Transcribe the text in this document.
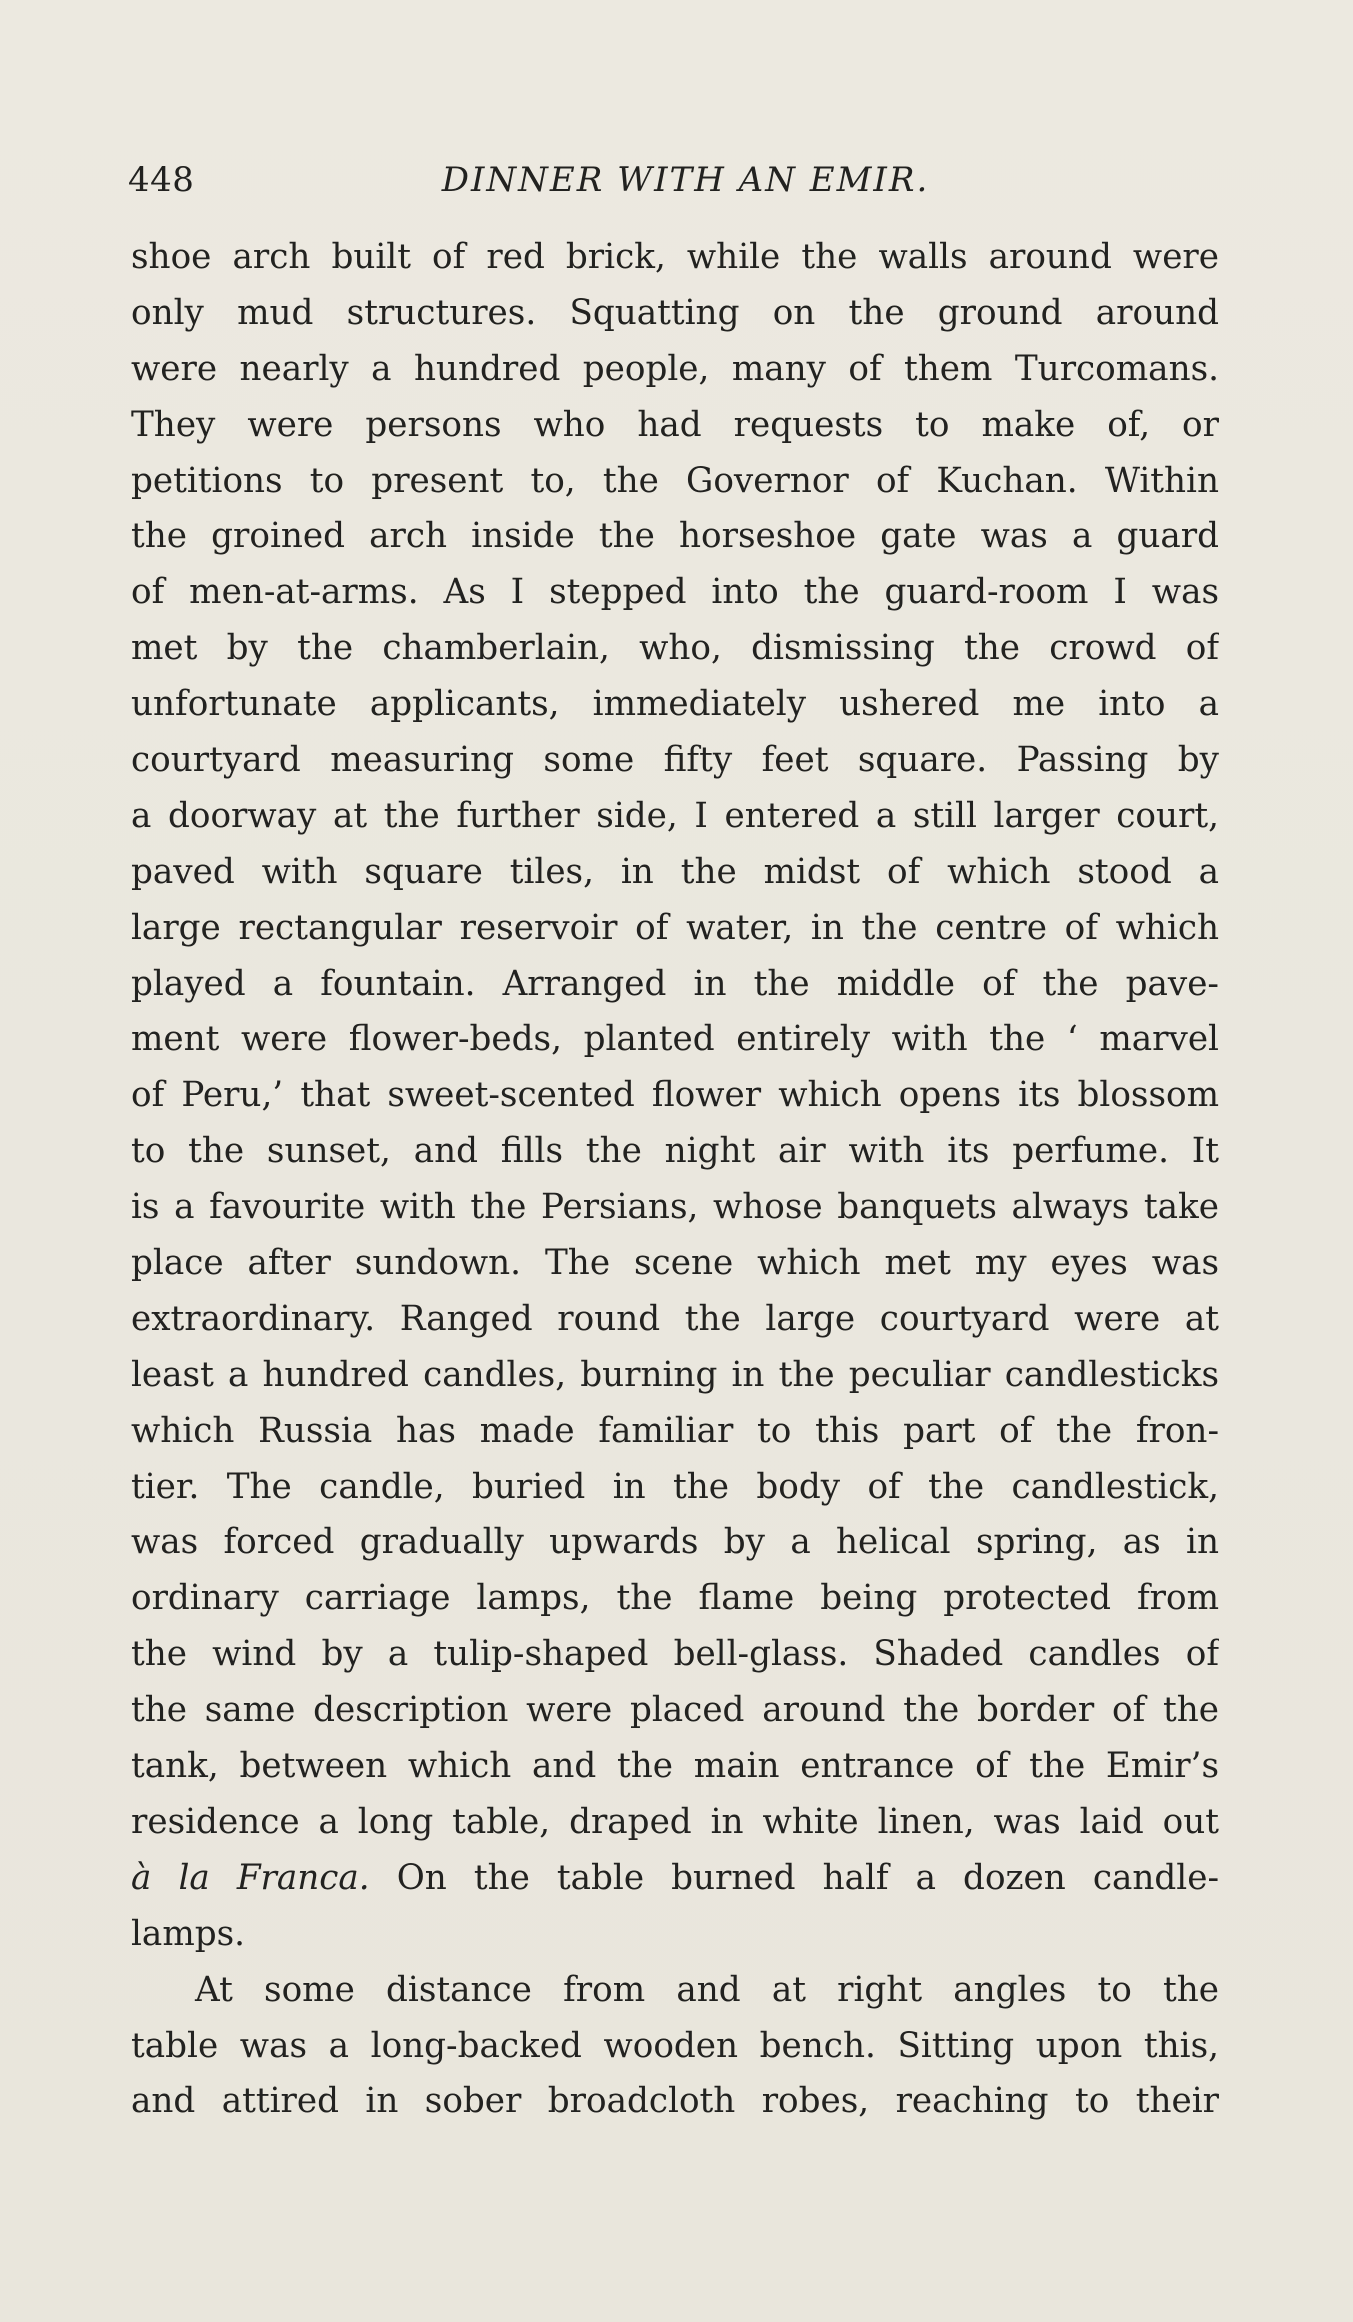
448	DINNER WITH AN EMIR.
shoe arch built of red brick, while the walls around were
only mud structures. Squatting on the ground around
were nearly a hundred people, many of them Turcomans.
They were persons who had requests to make of, or
petitions to present to, the Governor of Kuchan. Within
the groined arch inside the horseshoe gate was a guard
of men-at-arms. As I stepped into the guard-room I was
met by the chamberlain, who, dismissing the crowd of
unfortunate applicants, immediately ushered me into a
courtyard measuring some fifty feet square. Passing by
a doorway at the further side, I entered a still larger court,
paved with square tiles, in the midst of which stood a
large rectangular reservoir of water, in the centre of which
played a fountain. Arranged in the middle of the pave-
ment were flower-beds, planted entirely with the ‘ marvel
of Peru,’ that sweet-scented flower which opens its blossom
to the sunset, and fills the night air with its perfume. It
is a favourite with the Persians, whose banquets always take
place after sundown. The scene which met my eyes was
extraordinary. Ranged round the large courtyard were at
least a hundred candles, burning in the peculiar candlesticks
which Russia has made familiar to this part of the fron-
tier. The candle, buried in the body of the candlestick,
was forced gradually upwards by a helical spring, as in
ordinary carriage lamps, the flame being protected from
the wind by a tulip-shaped bell-glass. Shaded candles of
the same description were placed around the border of the
tank, between which and the main entrance of the Emir’s
residence a long table, draped in white linen, was laid out
à la Franca. On the table burned half a dozen candle-
lamps.
At some distance from and at right angles to the
table was a long-backed wooden bench. Sitting upon this,
and attired in sober broadcloth robes, reaching to their
